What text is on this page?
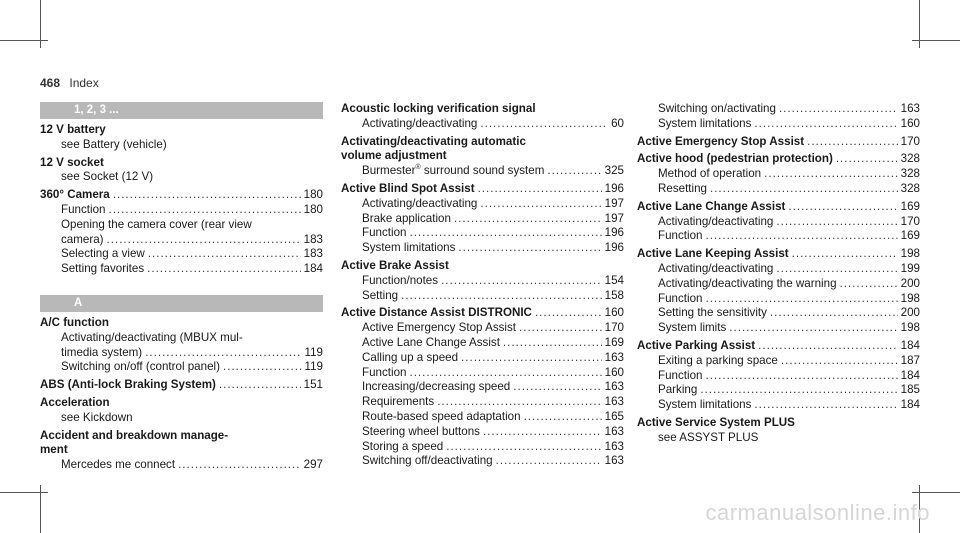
468 Index
1, 2, 3 ...
12 V battery
see Battery (vehicle)
12 V socket
see Socket (12 V)
360° Camera .....	180
Function .....	180
Opening the camera cover (rear view
camera) .....	183
Selecting a view .....	183
Setting favorites .....	184
A
A/C function
Activating/deactivating (MBUX mul-
timedia system) .....	119
Switching on/off (control panel) .....	119
ABS (Anti-lock Braking System) .....	151
Acceleration
see Kickdown
Accident and breakdown manage-
ment
Mercedes me connect .....	297
Acoustic locking verification signal
Activating/deactivating .....	60
Activating/deactivating automatic
volume adjustment
Burmester® surround sound system .....	325
Active Blind Spot Assist .....	196
Activating/deactivating .....	197
Brake application .....	197
Function .....	196
System limitations .....	196
Active Brake Assist
Function/notes .....	154
Setting .....	158
Active Distance Assist DISTRONIC .....	160
Active Emergency Stop Assist .....	170
Active Lane Change Assist .....	169
Calling up a speed .....	163
Function .....	160
Increasing/decreasing speed .....	163
Requirements .....	163
Route-based speed adaptation .....	165
Steering wheel buttons .....	163
Storing a speed .....	163
Switching off/deactivating .....	163
Switching on/activating .....	163
System limitations .....	160
Active Emergency Stop Assist .....	170
Active hood (pedestrian protection) .....	328
Method of operation .....	328
Resetting .....	328
Active Lane Change Assist .....	169
Activating/deactivating .....	170
Function .....	169
Active Lane Keeping Assist .....	198
Activating/deactivating .....	199
Activating/deactivating the warning .....	200
Function .....	198
Setting the sensitivity .....	200
System limits .....	198
Active Parking Assist .....	184
Exiting a parking space .....	187
Function .....	184
Parking .....	185
System limitations .....	184
Active Service System PLUS
see ASSYST PLUS
carmanualsonline.info
